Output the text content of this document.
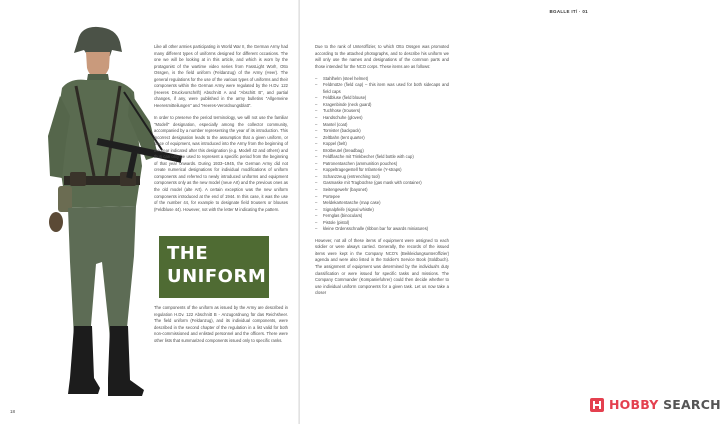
THE
UNIFORM

Like all other armies participating in World War II, the German Army had many different types of uniforms designed for different occasions. The one we will be looking at in this article, and which is worn by the protagonist of the wartime video series from FassLight Worl!, Otto Ossgen, is the field uniform (Feldanzug) of the Army (Heer). The general regulations for the use of the various types of uniforms and their components within the German Army were regulated by the H.Dv. 122 (Heeres Druckvorschrift) Abschnitt A and "Abschitt B", and partial changes, if any, were published in the army bulletins "Allgemeine Heeresmitteilungen" and "Heeres-Verordnungsblatt".

In order to preserve the period terminology, we will not use the familiar "Modell" designation, especially among the collector community, accompanied by a number representing the year of its introduction. This incorrect designation leads to the assumption that a given uniform, or piece of equipment, was introduced into the Army from the beginning of the year indicated after this designation (e.g. Modell 42 and others) and thus can only be used to represent a specific period from the beginning of that year onwards. During 1933–1945, the German Army did not create numerical designations for individual modifications of uniform components and referred to newly introduced uniforms and equipment components only as the new model (neue Art) and the previous ones as the old model (alte Art). A certain exception was the new uniform components introduced at the end of 1944. In this case, it was the use of the number 44, for example to designate field trousers or blouses (Feldbluse 44). However, not with the letter M indicating the pattern.

The components of the uniform as issued by the Army are described in regulation H.Dv. 122 Abschnitt B - Anzugordnung für das Reichsheer. The field uniform (Feldanzug), and its individual components, were described in the second chapter of the regulation in a list valid for both non-commissioned and enlisted personnel and the officers. There were other lists that summarized components issued only to specific ranks.

18
BGALLE IT/ · 01

Due to the rank of Unteroffizier, to which Otto Ossgen was promoted according to the attached photographs, and to describe his uniform we will only use the names and designations of the common parts and those intended for the NCO corps. These items are as follows:

– Stahlhelm (steel helmet)
– Feldmütze (field cap) – this item was used for both sidecaps and field caps
– Feldbluse (field blouse)
– Kragenbinde (neck guard)
– Tuchhose (trousers)
– Handschuhe (gloves)
– Mantel (coat)
– Tornister (backpack)
– Zeltbahn (tent quarter)
– Koppel (belt)
– Brotbeutel (breadbag)
– Feldflasche mit Trinkbecher (field bottle with cup)
– Patronentaschen (ammunition pouches)
– Koppeltragegestell für Infanterie (Y-straps)
– Schanzzeug (entrenching tool)
– Gasmaske mit Tragbüchse (gas mask with container)
– Seitengewehr (bayonet)
– Portepee
– Meldekartentasche (map case)
– Signalpfeife (signal whistle)
– Fernglas (binoculars)
– Pistole (pistol)
– kleine Ordensschnalle (ribbon bar for awards miniatures)

However, not all of these items of equipment were assigned to each soldier or were always carried. Generally, the records of the issued items were kept in the Company NCO's (Beikleidungsunteroffizier) agenda and were also listed in the Soldier's Service Book (Soldbuch). The assignment of equipment was determined by the individual's duty classification or were issued for specific tasks and missions. The Company Commander (Kompaniefuhrer) could then decide whether to use individual uniform components for a given task. Let us now take a closer

HOBBY SEARCH
